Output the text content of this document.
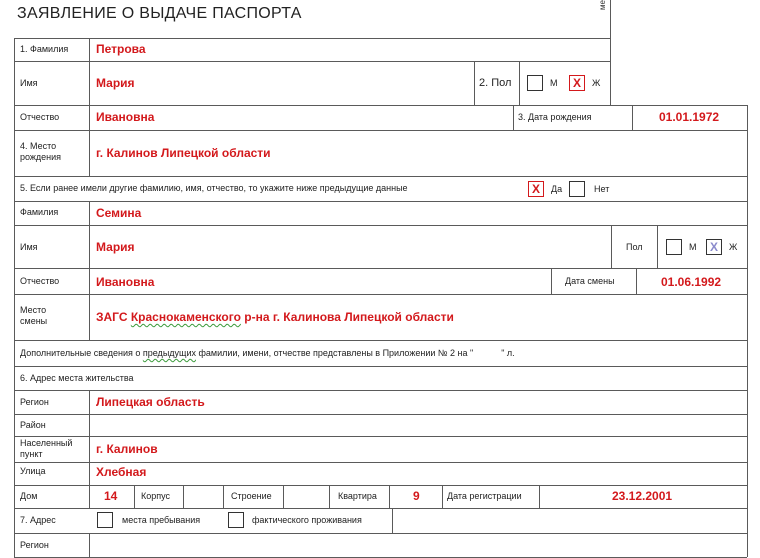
ЗАЯВЛЕНИЕ О ВЫДАЧЕ ПАСПОРТА
ме
1. Фамилия Петрова
Имя	Мария	2. Пол	М Х Ж
Отчество	Ивановна	3. Дата рождения	01.01.1972
4. Место рождения	г. Калинов Липецкой области
5. Если ранее имели другие фамилию, имя, отчество, то укажите ниже предыдущие данные	Х Да	Нет
Фамилия	Семина
Имя	Мария	Пол	М Х Ж
Отчество	Ивановна	Дата смены	01.06.1992
Место смены	ЗАГС Краснокаменского р-на г. Калинова Липецкой области
Дополнительные сведения о предыдущих фамилии, имени, отчестве представлены в Приложении № 2 на "	" л.
6. Адрес места жительства
Регион	Липецкая область
Район
Населенный пункт	г. Калинов
Улица	Хлебная
Дом	14	Корпус	Строение	Квартира	9	Дата регистрации	23.12.2001
7. Адрес	места пребывания	фактического проживания
Регион
